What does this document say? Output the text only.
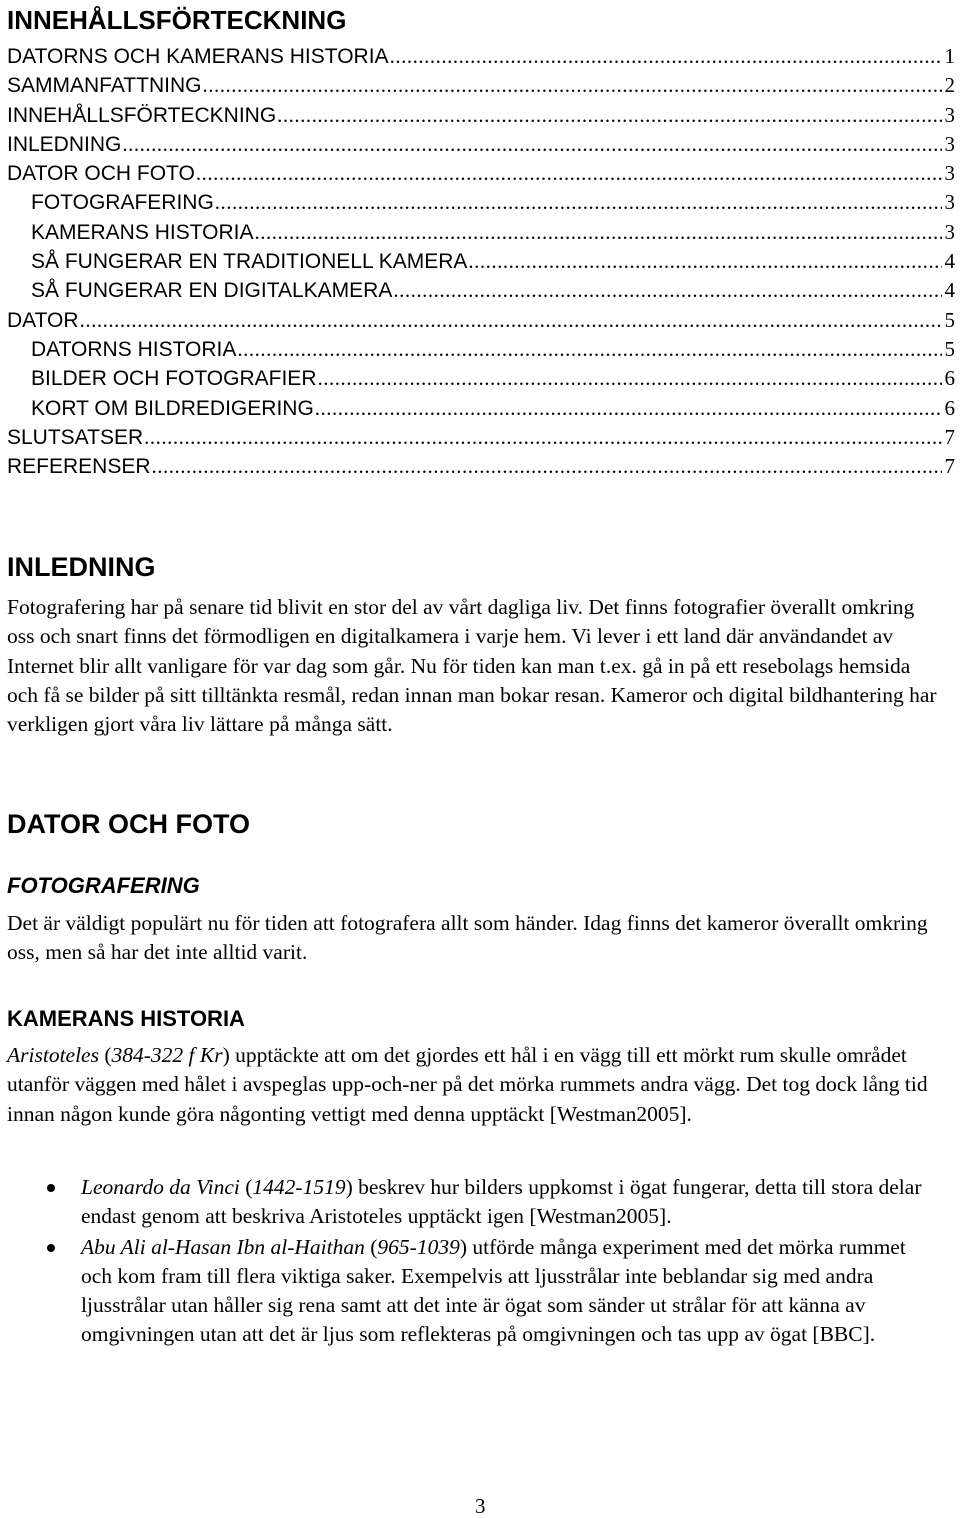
INNEHÅLLSFÖRTECKNING
DATORNS OCH KAMERANS HISTORIA .....	1
SAMMANFATTNING .....	2
INNEHÅLLSFÖRTECKNING .....	3
INLEDNING .....	3
DATOR OCH FOTO .....	3
FOTOGRAFERING .....	3
KAMERANS HISTORIA .....	3
SÅ FUNGERAR EN TRADITIONELL KAMERA .....	4
SÅ FUNGERAR EN DIGITALKAMERA .....	4
DATOR .....	5
DATORNS HISTORIA .....	5
BILDER OCH FOTOGRAFIER .....	6
KORT OM BILDREDIGERING .....	6
SLUTSATSER .....	7
REFERENSER .....	7
INLEDNING

Fotografering har på senare tid blivit en stor del av vårt dagliga liv. Det finns fotografier överallt omkring oss och snart finns det förmodligen en digitalkamera i varje hem. Vi lever i ett land där användandet av Internet blir allt vanligare för var dag som går. Nu för tiden kan man t.ex. gå in på ett resebolags hemsida och få se bilder på sitt tilltänkta resmål, redan innan man bokar resan. Kameror och digital bildhantering har verkligen gjort våra liv lättare på många sätt.

DATOR OCH FOTO
FOTOGRAFERING

Det är väldigt populärt nu för tiden att fotografera allt som händer. Idag finns det kameror överallt omkring oss, men så har det inte alltid varit.

KAMERANS HISTORIA

Aristoteles (384-322 f Kr) upptäckte att om det gjordes ett hål i en vägg till ett mörkt rum skulle området utanför väggen med hålet i avspeglas upp-och-ner på det mörka rummets andra vägg. Det tog dock lång tid innan någon kunde göra någonting vettigt med denna upptäckt [Westman2005].

Leonardo da Vinci (1442-1519) beskrev hur bilders uppkomst i ögat fungerar, detta till stora delar endast genom att beskriva Aristoteles upptäckt igen [Westman2005].
Abu Ali al-Hasan Ibn al-Haithan (965-1039) utförde många experiment med det mörka rummet och kom fram till flera viktiga saker. Exempelvis att ljusstrålar inte beblandar sig med andra ljusstrålar utan håller sig rena samt att det inte är ögat som sänder ut strålar för att känna av omgivningen utan att det är ljus som reflekteras på omgivningen och tas upp av ögat [BBC].

3
